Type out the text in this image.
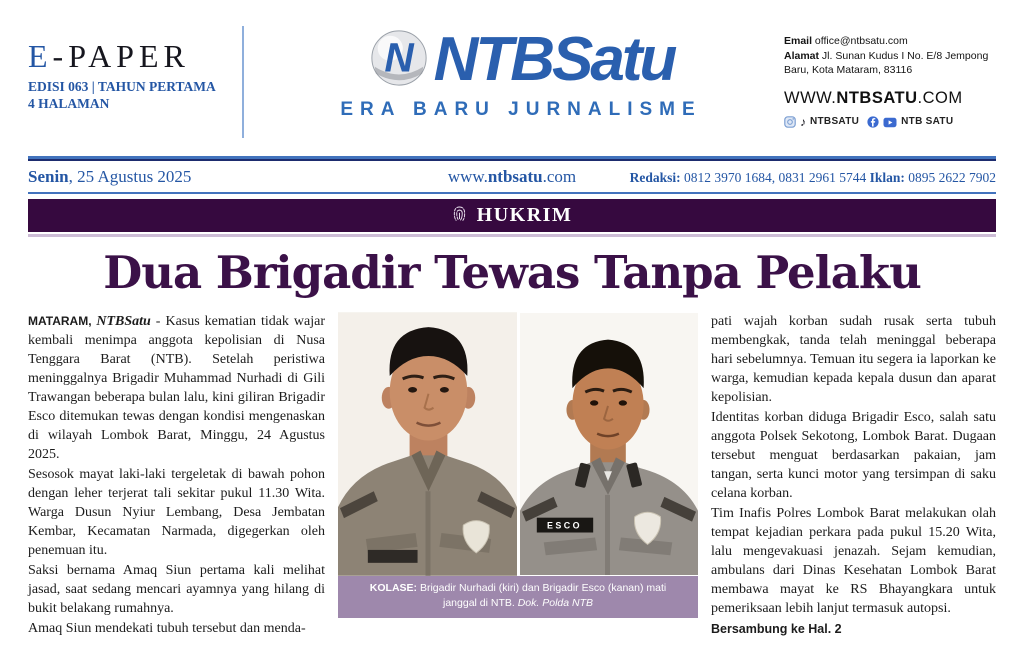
E-PAPER
EDISI 063 | TAHUN PERTAMA
4 HALAMAN
N NTBSatu
ERA BARU JURNALISME
Email office@ntbsatu.com
Alamat Jl. Sunan Kudus I No. E/8 Jempong Baru, Kota Mataram, 83116
WWW.NTBSATU.COM
♪ NTBSATU	NTB SATU
Senin, 25 Agustus 2025	www.ntbsatu.com	Redaksi: 0812 3970 1684, 0831 2961 5744 Iklan: 0895 2622 7902
HUKRIM
Dua Brigadir Tewas Tanpa Pelaku

MATARAM, NTBSatu - Kasus kematian tidak wajar kembali menimpa anggota kepolisian di Nusa Tenggara Barat (NTB). Setelah peristiwa meninggalnya Brigadir Muhammad Nurhadi di Gili Trawangan beberapa bulan lalu, kini giliran Brigadir Esco ditemukan tewas dengan kondisi mengenaskan di wilayah Lombok Barat, Minggu, 24 Agustus 2025.

Sesosok mayat laki-laki tergeletak di bawah pohon dengan leher terjerat tali sekitar pukul 11.30 Wita. Warga Dusun Nyiur Lembang, Desa Jembatan Kembar, Kecamatan Narmada, digegerkan oleh penemuan itu.

Saksi bernama Amaq Siun pertama kali melihat jasad, saat sedang mencari ayamnya yang hilang di bukit belakang rumahnya.

Amaq Siun mendekati tubuh tersebut dan menda-

ESCO
KOLASE: Brigadir Nurhadi (kiri) dan Brigadir Esco (kanan) mati janggal di NTB. Dok. Polda NTB

pati wajah korban sudah rusak serta tubuh membengkak, tanda telah meninggal beberapa hari sebelumnya. Temuan itu segera ia laporkan ke warga, kemudian kepada kepala dusun dan aparat kepolisian.

Identitas korban diduga Brigadir Esco, salah satu anggota Polsek Sekotong, Lombok Barat. Dugaan tersebut menguat berdasarkan pakaian, jam tangan, serta kunci motor yang tersimpan di saku celana korban.

Tim Inafis Polres Lombok Barat melakukan olah tempat kejadian perkara pada pukul 15.20 Wita, lalu mengevakuasi jenazah. Sejam kemudian, ambulans dari Dinas Kesehatan Lombok Barat membawa mayat ke RS Bhayangkara untuk pemeriksaan lebih lanjut termasuk autopsi.

Bersambung ke Hal. 2
